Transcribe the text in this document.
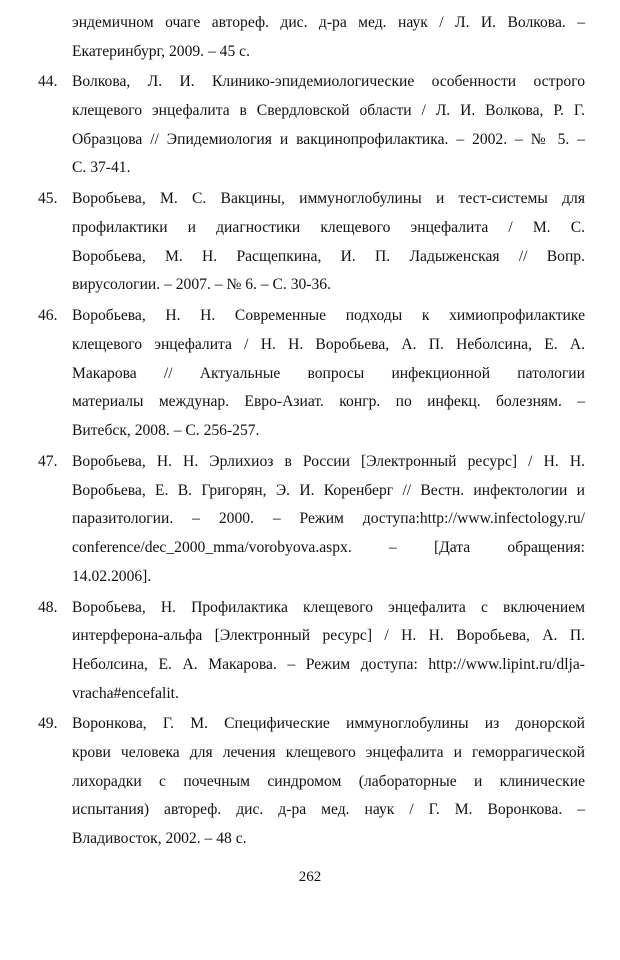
эндемичном очаге автореф. дис. д-ра мед. наук / Л. И. Волкова. –
Екатеринбург, 2009. – 45 с.
44. Волкова, Л. И. Клинико-эпидемиологические особенности острого
клещевого энцефалита в Свердловской области / Л. И. Волкова, Р. Г.
Образцова // Эпидемиология и вакцинопрофилактика. – 2002. – № 5. –
С. 37-41.
45. Воробьева, М. С. Вакцины, иммуноглобулины и тест-системы для
профилактики и диагностики клещевого энцефалита / М. С.
Воробьева, М. Н. Расщепкина, И. П. Ладыженская // Вопр.
вирусологии. – 2007. – № 6. – С. 30-36.
46. Воробьева, Н. Н. Современные подходы к химиопрофилактике
клещевого энцефалита / Н. Н. Воробьева, А. П. Неболсина, Е. А.
Макарова // Актуальные вопросы инфекционной патологии
материалы междунар. Евро-Азиат. конгр. по инфекц. болезням. –
Витебск, 2008. – С. 256-257.
47. Воробьева, Н. Н. Эрлихиоз в России [Электронный ресурс] / Н. Н.
Воробьева, Е. В. Григорян, Э. И. Коренберг // Вестн. инфектологии и
паразитологии. – 2000. – Режим доступа:http://www.infectology.ru/
conference/dec_2000_mma/vorobyova.aspx. – [Дата обращения:
14.02.2006].
48. Воробьева, Н. Профилактика клещевого энцефалита с включением
интерферона-альфа [Электронный ресурс] / Н. Н. Воробьева, А. П.
Неболсина, Е. А. Макарова. – Режим доступа: http://www.lipint.ru/dlja-
vracha#encefalit.
49. Воронкова, Г. М. Специфические иммуноглобулины из донорской
крови человека для лечения клещевого энцефалита и геморрагической
лихорадки с почечным синдромом (лабораторные и клинические
испытания) автореф. дис. д-ра мед. наук / Г. М. Воронкова. –
Владивосток, 2002. – 48 с.
262
